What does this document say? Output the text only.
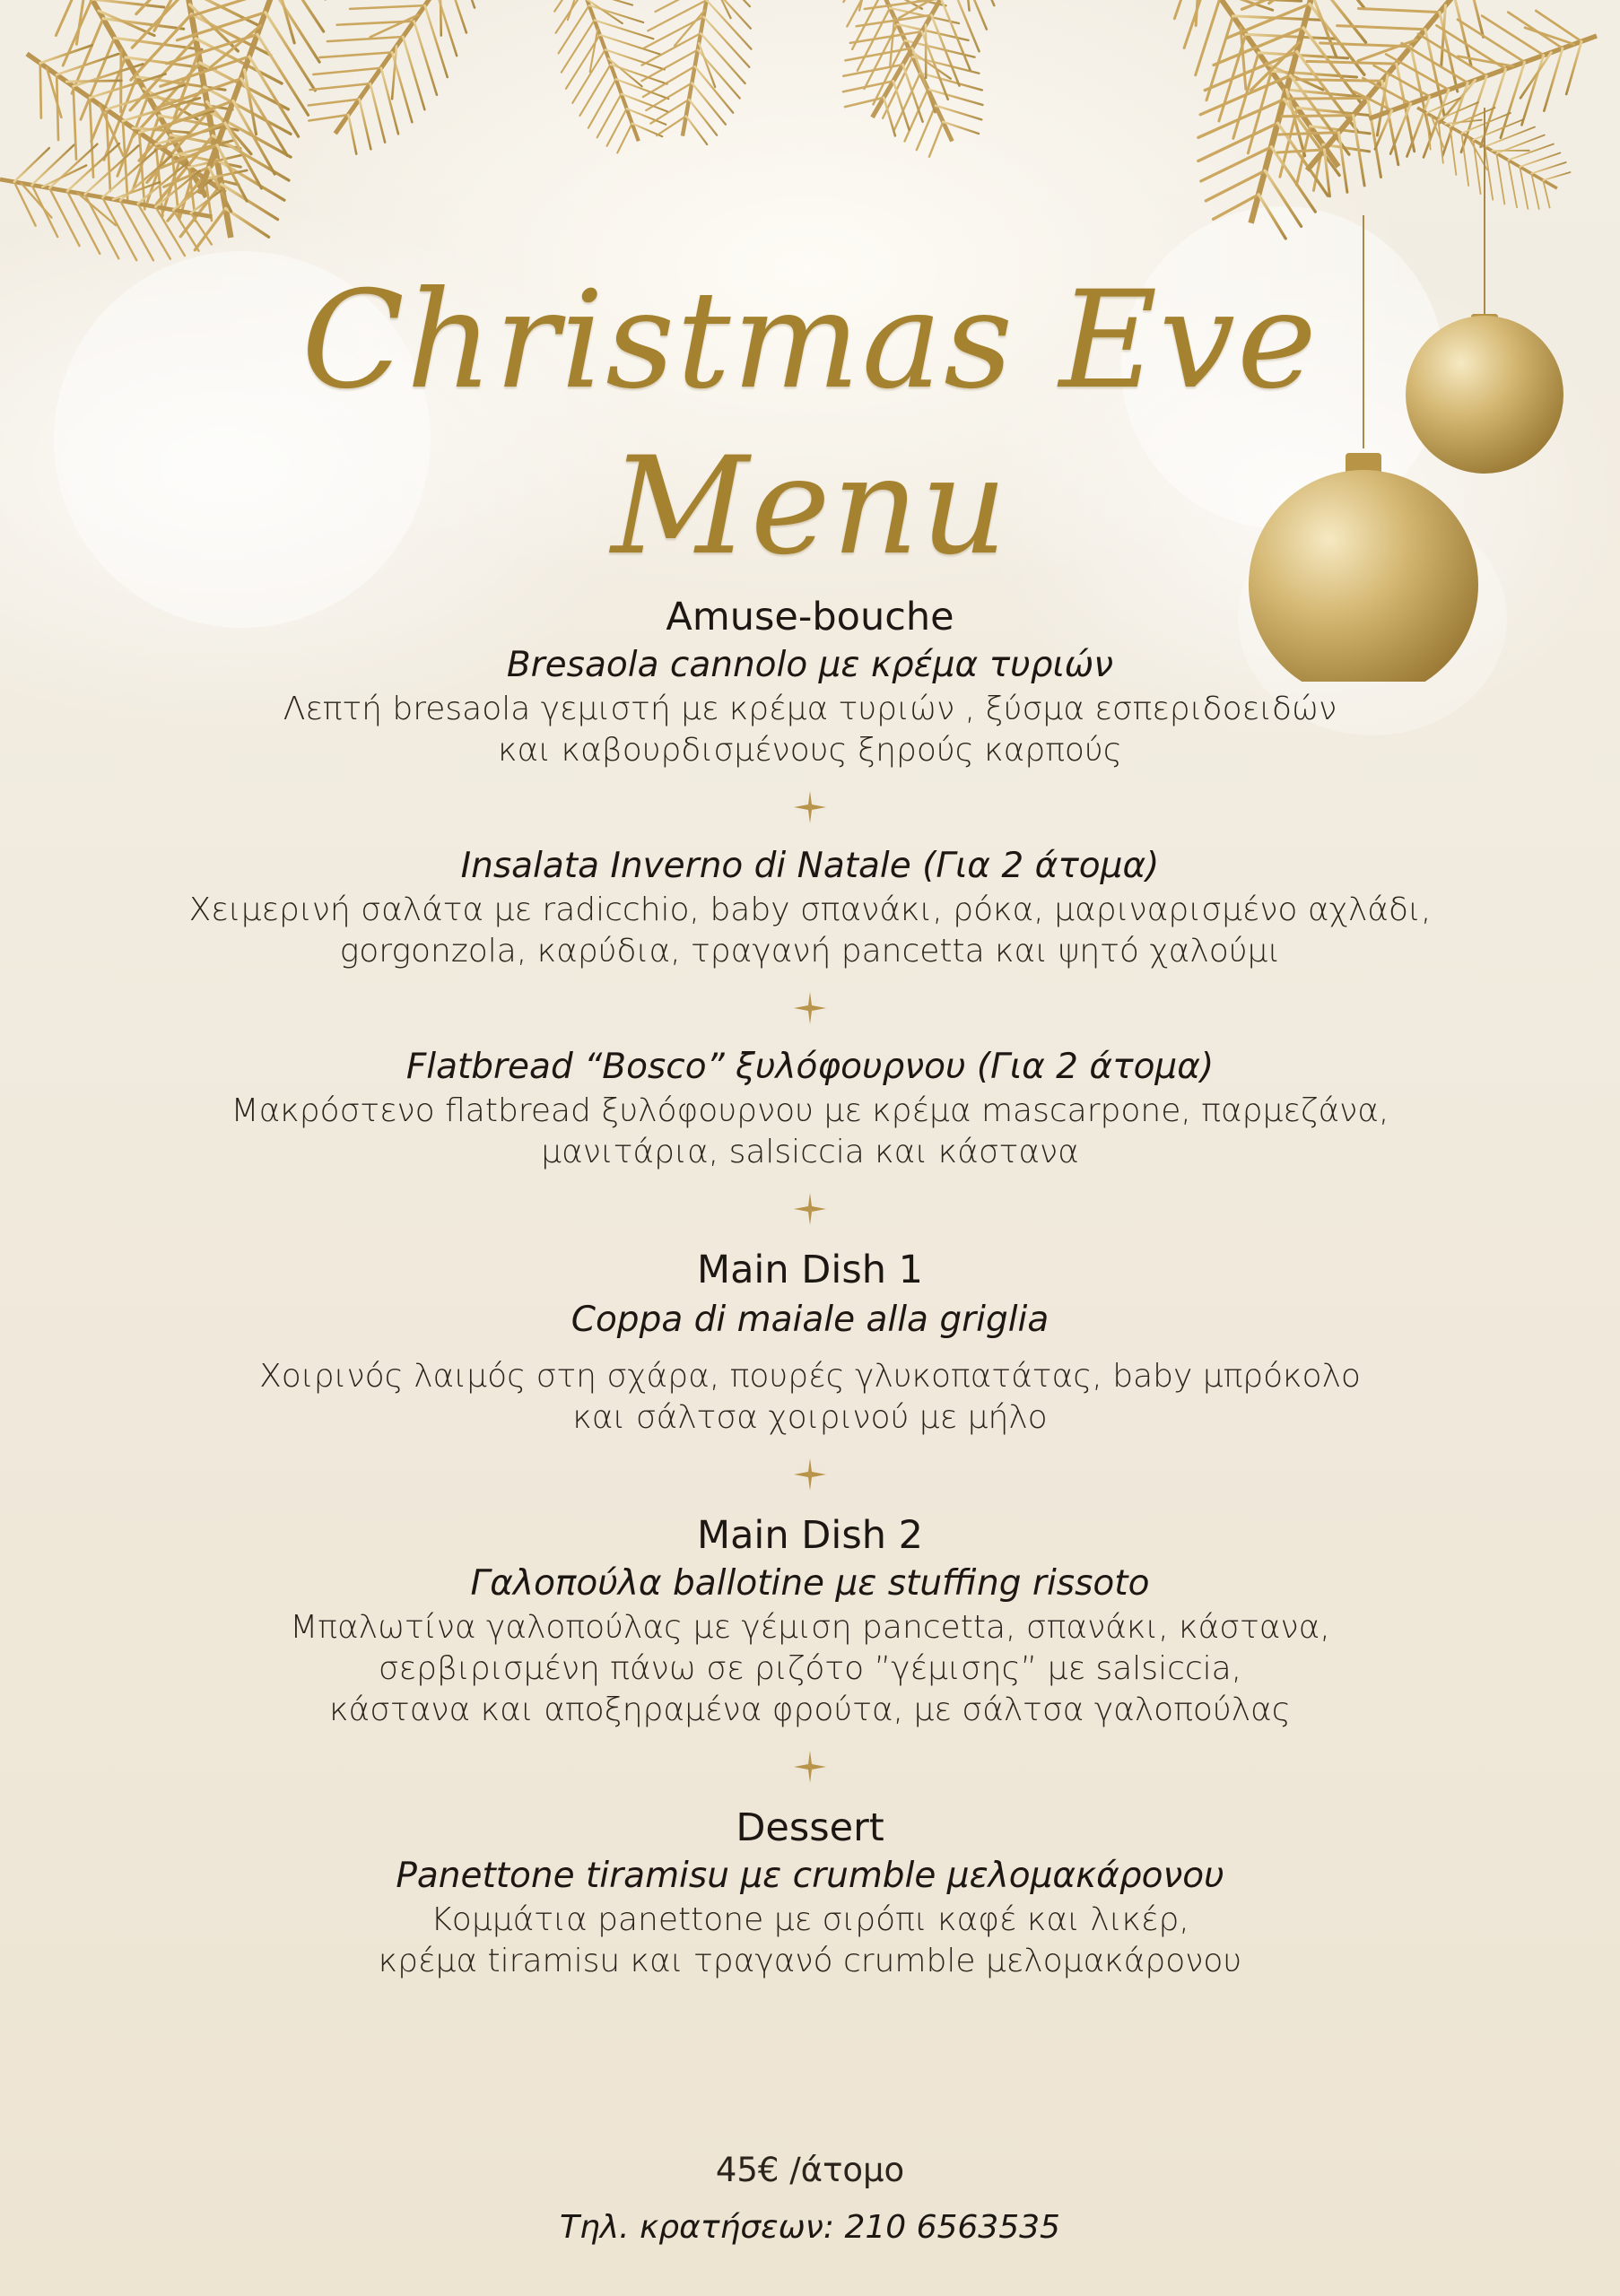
Christmas Eve
Menu

Amuse-bouche

Bresaola cannolo με κρέμα τυριών

Λεπτή bresaola γεμιστή με κρέμα τυριών , ξύσμα εσπεριδοειδών

και καβουρδισμένους ξηρούς καρπούς

Insalata Inverno di Natale (Για 2 άτομα)

Χειμερινή σαλάτα με radicchio, baby σπανάκι, ρόκα, μαριναρισμένο αχλάδι,

gorgonzola, καρύδια, τραγανή pancetta και ψητό χαλούμι

Flatbread “Bosco” ξυλόφουρνου (Για 2 άτομα)

Μακρόστενο flatbread ξυλόφουρνου με κρέμα mascarpone, παρμεζάνα,

μανιτάρια, salsiccia και κάστανα

Main Dish 1

Coppa di maiale alla griglia

Χοιρινός λαιμός στη σχάρα, πουρές γλυκοπατάτας, baby μπρόκολο

και σάλτσα χοιρινού με μήλο

Main Dish 2

Γαλοπούλα ballotine με stuffing rissoto

Μπαλωτίνα γαλοπούλας με γέμιση pancetta, σπανάκι, κάστανα,

σερβιρισμένη πάνω σε ριζότο ”γέμισης” με salsiccia,

κάστανα και αποξηραμένα φρούτα, με σάλτσα γαλοπούλας

Dessert

Panettone tiramisu με crumble μελομακάρονου

Κομμάτια panettone με σιρόπι καφέ και λικέρ,

κρέμα tiramisu και τραγανό crumble μελομακάρονου

45€ /άτομο
Τηλ. κρατήσεων: 210 6563535
